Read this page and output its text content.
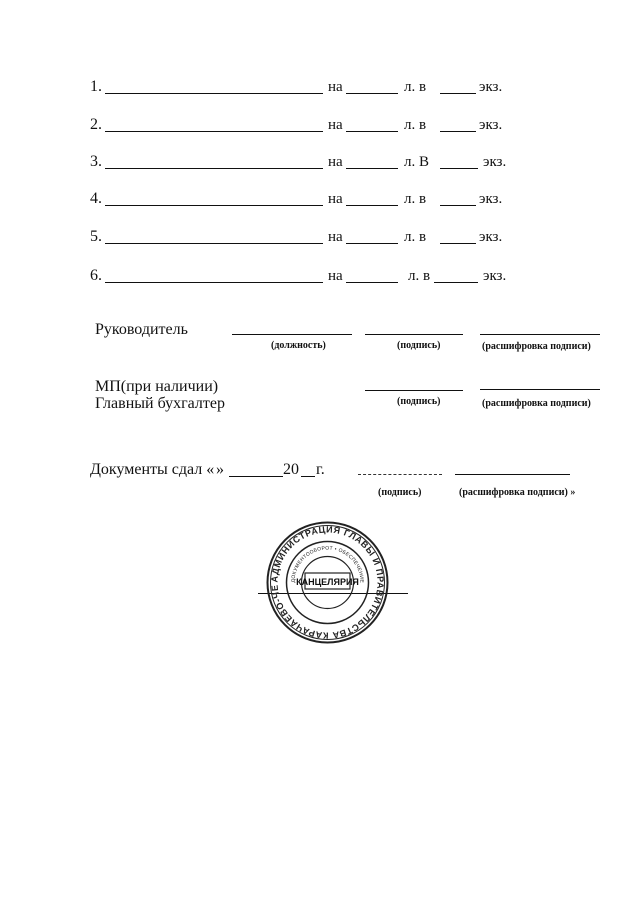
1.	на	л. в	экз.
2.	на	л. в	экз.
3.	на	л. В	экз.
4.	на	л. в	экз.
5.	на	л. в	экз.
6.	на	л. в	экз.
Руководитель
(должность)	(подпись)	(расшифровка подписи)
МП(при наличии)
Главный бухгалтер	(подпись)	(расшифровка подписи)
Документы сдал « »	20 г.
(подпись)	(расшифровка подписи) »
АДМИНИСТРАЦИЯ ГЛАВЫ И ПРАВИТЕЛЬСТВА КАРАЧАЕВО-ЧЕ
ДОКУМЕНТООБОРОТ • ОБЕСПЕЧЕНИЕ
КАНЦЕЛЯРИЯ
